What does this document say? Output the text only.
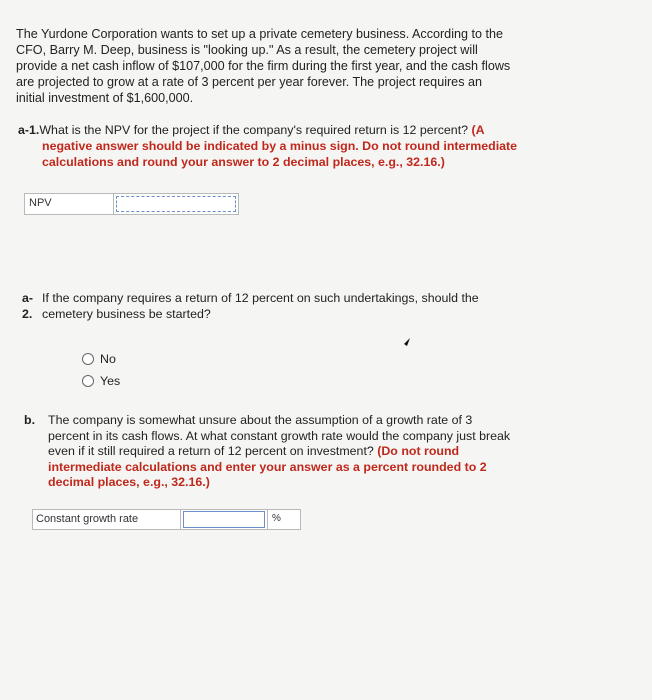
The Yurdone Corporation wants to set up a private cemetery business. According to the
CFO, Barry M. Deep, business is "looking up." As a result, the cemetery project will
provide a net cash inflow of $107,000 for the firm during the first year, and the cash flows
are projected to grow at a rate of 3 percent per year forever. The project requires an
initial investment of $1,600,000.
a-1.What is the NPV for the project if the company's required return is 12 percent? (A
negative answer should be indicated by a minus sign. Do not round intermediate
calculations and round your answer to 2 decimal places, e.g., 32.16.)
NPV
a- If the company requires a return of 12 percent on such undertakings, should the
2. cemetery business be started?
No
Yes
b. The company is somewhat unsure about the assumption of a growth rate of 3
percent in its cash flows. At what constant growth rate would the company just break
even if it still required a return of 12 percent on investment? (Do not round
intermediate calculations and enter your answer as a percent rounded to 2
decimal places, e.g., 32.16.)
Constant growth rate	%
